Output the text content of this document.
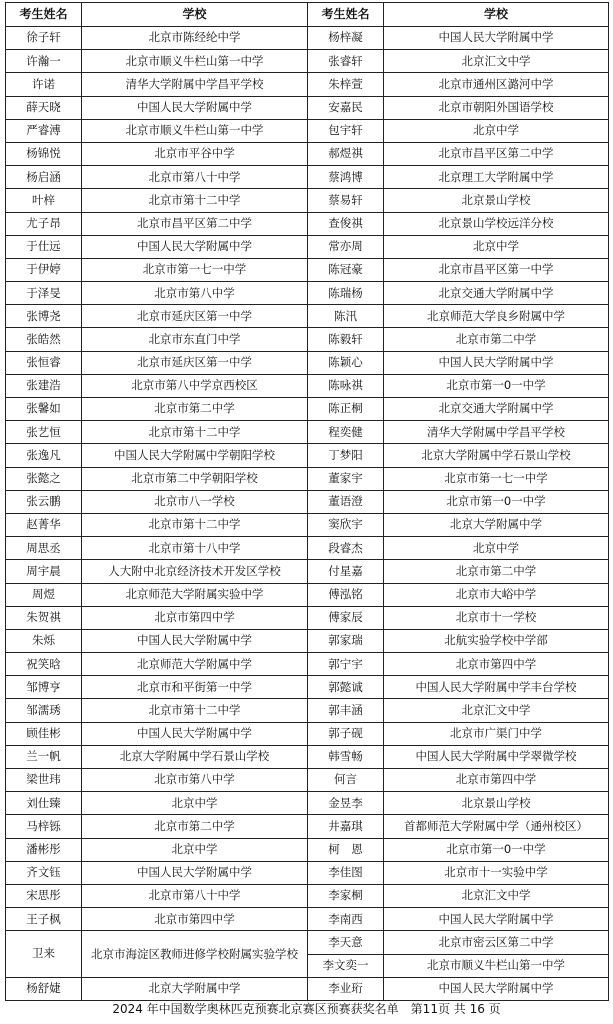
考生姓名	学校	考生姓名	学校
徐子轩	北京市陈经纶中学	杨梓凝	中国人民大学附属中学
许瀚一	北京市顺义牛栏山第一中学	张睿轩	北京汇文中学
许诺	清华大学附属中学昌平学校	朱梓萱	北京市通州区潞河中学
薛天晓	中国人民大学附属中学	安嘉民	北京市朝阳外国语学校
严睿溥	北京市顺义牛栏山第一中学	包宇轩	北京中学
杨锦悦	北京市平谷中学	郝煜祺	北京市昌平区第二中学
杨启涵	北京市第八十中学	蔡鸿博	北京理工大学附属中学
叶梓	北京市第十二中学	蔡易轩	北京景山学校
尤子昂	北京市昌平区第二中学	查俊祺	北京景山学校远洋分校
于仕远	中国人民大学附属中学	常亦周	北京中学
于伊婷	北京市第一七一中学	陈冠豪	北京市昌平区第一中学
于泽旻	北京市第八中学	陈瑞杨	北京交通大学附属中学
张博尧	北京市延庆区第一中学	陈汛	北京师范大学良乡附属中学
张皓然	北京市东直门中学	陈毅轩	北京市第二中学
张恒睿	北京市延庆区第一中学	陈颖心	中国人民大学附属中学
张建浩	北京市第八中学京西校区	陈咏祺	北京市第一0一中学
张馨如	北京市第二中学	陈正桐	北京交通大学附属中学
张艺恒	北京市第十二中学	程奕健	清华大学附属中学昌平学校
张逸凡	中国人民大学附属中学朝阳学校	丁梦阳	北京大学附属中学石景山学校
张懿之	北京市第二中学朝阳学校	董家宇	北京市第一七一中学
张云鹏	北京市八一学校	董语澄	北京市第一0一中学
赵菁华	北京市第十二中学	窦欣宇	北京大学附属中学
周思丞	北京市第十八中学	段睿杰	北京中学
周宇晨	人大附中北京经济技术开发区学校	付星嘉	北京市第二中学
周煜	北京师范大学附属实验中学	傅泓铭	北京市大峪中学
朱贺祺	北京市第四中学	傅家辰	北京市十一学校
朱烁	中国人民大学附属中学	郭家瑞	北航实验学校中学部
祝笑晗	北京师范大学附属中学	郭宁宇	北京市第四中学
邹博亨	北京市和平街第一中学	郭懿诚	中国人民大学附属中学丰台学校
邹濡琇	北京市第十二中学	郭丰涵	北京汇文中学
顾佳彬	中国人民大学附属中学	郭子砚	北京市广渠门中学
兰一帆	北京大学附属中学石景山学校	韩雪畅	中国人民大学附属中学翠微学校
梁世玮	北京市第八中学	何言	北京市第四中学
刘仕臻	北京中学	金昱李	北京景山学校
马梓铄	北京市第二中学	井嘉琪	首都师范大学附属中学（通州校区）
潘彬彤	北京中学	柯　恩	北京市第一0一中学
齐文钰	中国人民大学附属中学	李佳图	北京市十一实验中学
宋思彤	北京市第八十中学	李家桐	北京汇文中学
王子枫	北京市第四中学	李南西	中国人民大学附属中学
卫来	北京市海淀区教师进修学校附属实验学校	李天意	北京市密云区第二中学
		李文奕一	北京市顺义牛栏山第一中学
杨舒婕	北京大学附属中学	李业珩	中国人民大学附属中学
2024 年中国数学奥林匹克预赛北京赛区预赛获奖名单　第11页 共 16 页
